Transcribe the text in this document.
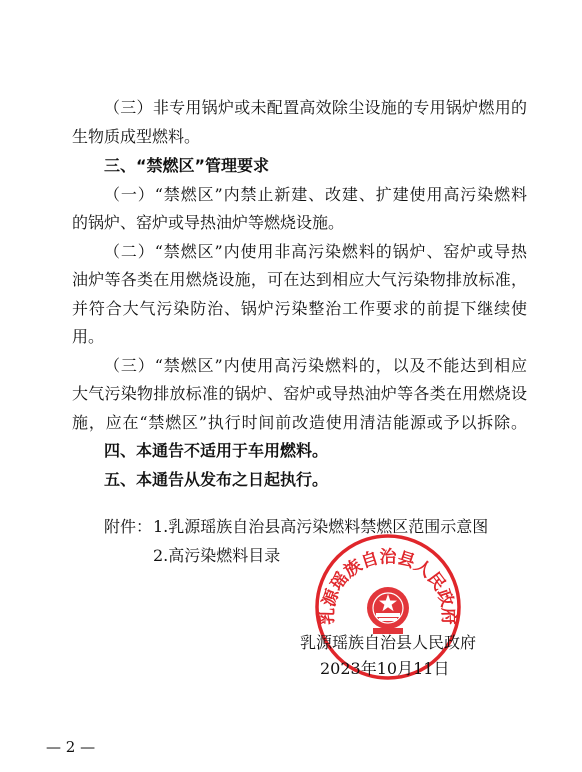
（三）非专用锅炉或未配置高效除尘设施的专用锅炉燃用的
生物质成型燃料。
三、“禁燃区”管理要求
（一）“禁燃区”内禁止新建、改建、扩建使用高污染燃料
的锅炉、窑炉或导热油炉等燃烧设施。
（二）“禁燃区”内使用非高污染燃料的锅炉、窑炉或导热
油炉等各类在用燃烧设施，可在达到相应大气污染物排放标准，
并符合大气污染防治、锅炉污染整治工作要求的前提下继续使
用。
（三）“禁燃区”内使用高污染燃料的，以及不能达到相应
大气污染物排放标准的锅炉、窑炉或导热油炉等各类在用燃烧设
施，应在“禁燃区”执行时间前改造使用清洁能源或予以拆除。
四、本通告不适用于车用燃料。
五、本通告从发布之日起执行。
附件： 1.乳源瑶族自治县高污染燃料禁燃区范围示意图
2.高污染燃料目录
乳源瑶族自治县人民政府
乳源瑶族自治县人民政府
2023年10月11日
— 2 —
